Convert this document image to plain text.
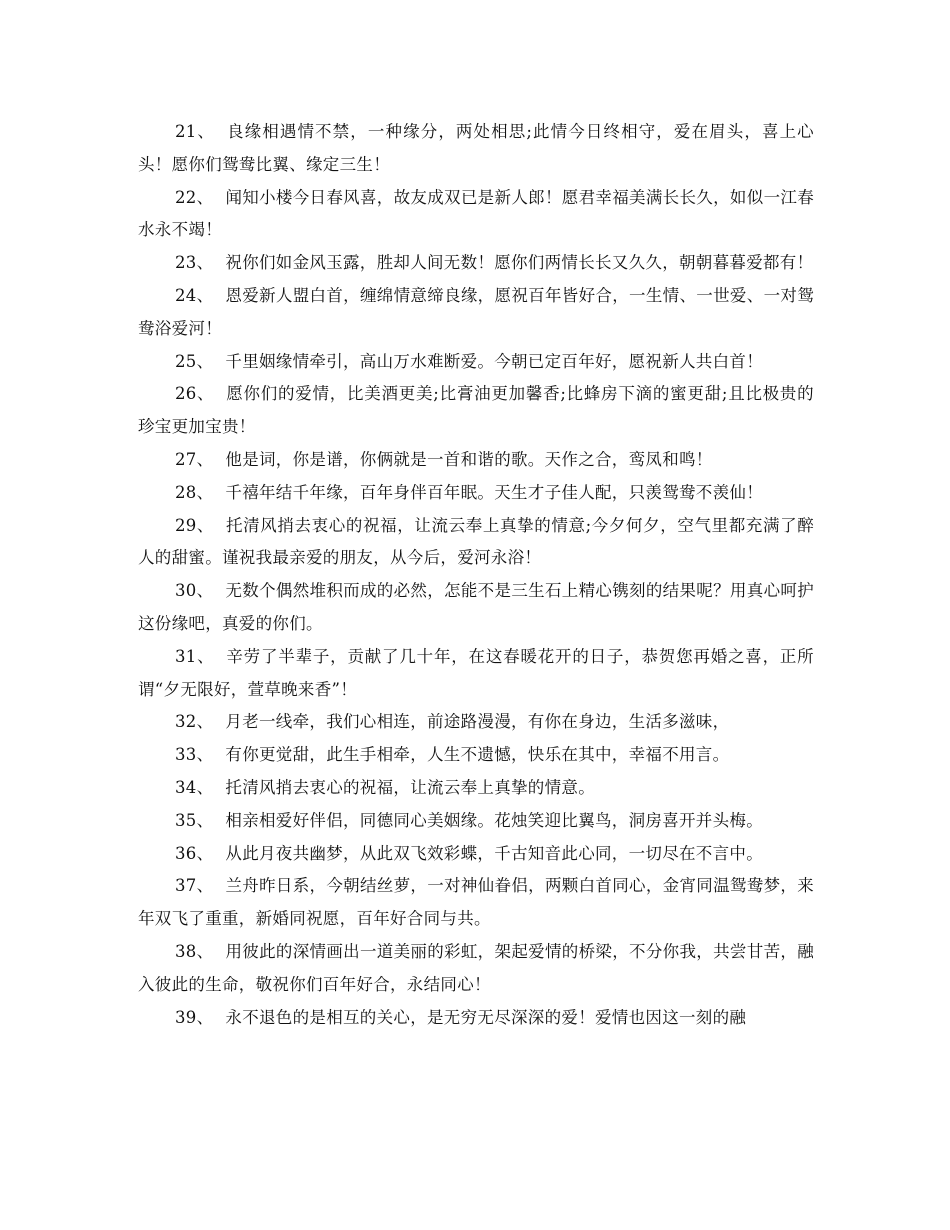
21、 良缘相遇情不禁，一种缘分，两处相思;此情今日终相守，爱在眉头，喜上心头！愿你们鸳鸯比翼、缘定三生！

22、 闻知小楼今日春风喜，故友成双已是新人郎！愿君幸福美满长长久，如似一江春水永不竭！

23、 祝你们如金风玉露，胜却人间无数！愿你们两情长长又久久，朝朝暮暮爱都有！

24、 恩爱新人盟白首，缠绵情意缔良缘，愿祝百年皆好合，一生情、一世爱、一对鸳鸯浴爱河！

25、 千里姻缘情牵引，高山万水难断爱。今朝已定百年好，愿祝新人共白首！

26、 愿你们的爱情，比美酒更美;比膏油更加馨香;比蜂房下滴的蜜更甜;且比极贵的珍宝更加宝贵！

27、 他是词，你是谱，你俩就是一首和谐的歌。天作之合，鸾凤和鸣！

28、 千禧年结千年缘，百年身伴百年眠。天生才子佳人配，只羡鸳鸯不羡仙！

29、 托清风捎去衷心的祝福，让流云奉上真挚的情意;今夕何夕，空气里都充满了醉人的甜蜜。谨祝我最亲爱的朋友，从今后，爱河永浴！

30、 无数个偶然堆积而成的必然，怎能不是三生石上精心镌刻的结果呢？用真心呵护这份缘吧，真爱的你们。

31、 辛劳了半辈子，贡献了几十年，在这春暖花开的日子，恭贺您再婚之喜，正所谓“夕无限好，萱草晚来香”！

32、 月老一线牵，我们心相连，前途路漫漫，有你在身边，生活多滋味，

33、 有你更觉甜，此生手相牵，人生不遗憾，快乐在其中，幸福不用言。

34、 托清风捎去衷心的祝福，让流云奉上真挚的情意。

35、 相亲相爱好伴侣，同德同心美姻缘。花烛笑迎比翼鸟，洞房喜开并头梅。

36、 从此月夜共幽梦，从此双飞效彩蝶，千古知音此心同，一切尽在不言中。

37、 兰舟昨日系，今朝结丝萝，一对神仙眷侣，两颗白首同心，金宵同温鸳鸯梦，来年双飞了重重，新婚同祝愿，百年好合同与共。

38、 用彼此的深情画出一道美丽的彩虹，架起爱情的桥梁，不分你我，共尝甘苦，融入彼此的生命，敬祝你们百年好合，永结同心！

39、 永不退色的是相互的关心，是无穷无尽深深的爱！爱情也因这一刻的融
